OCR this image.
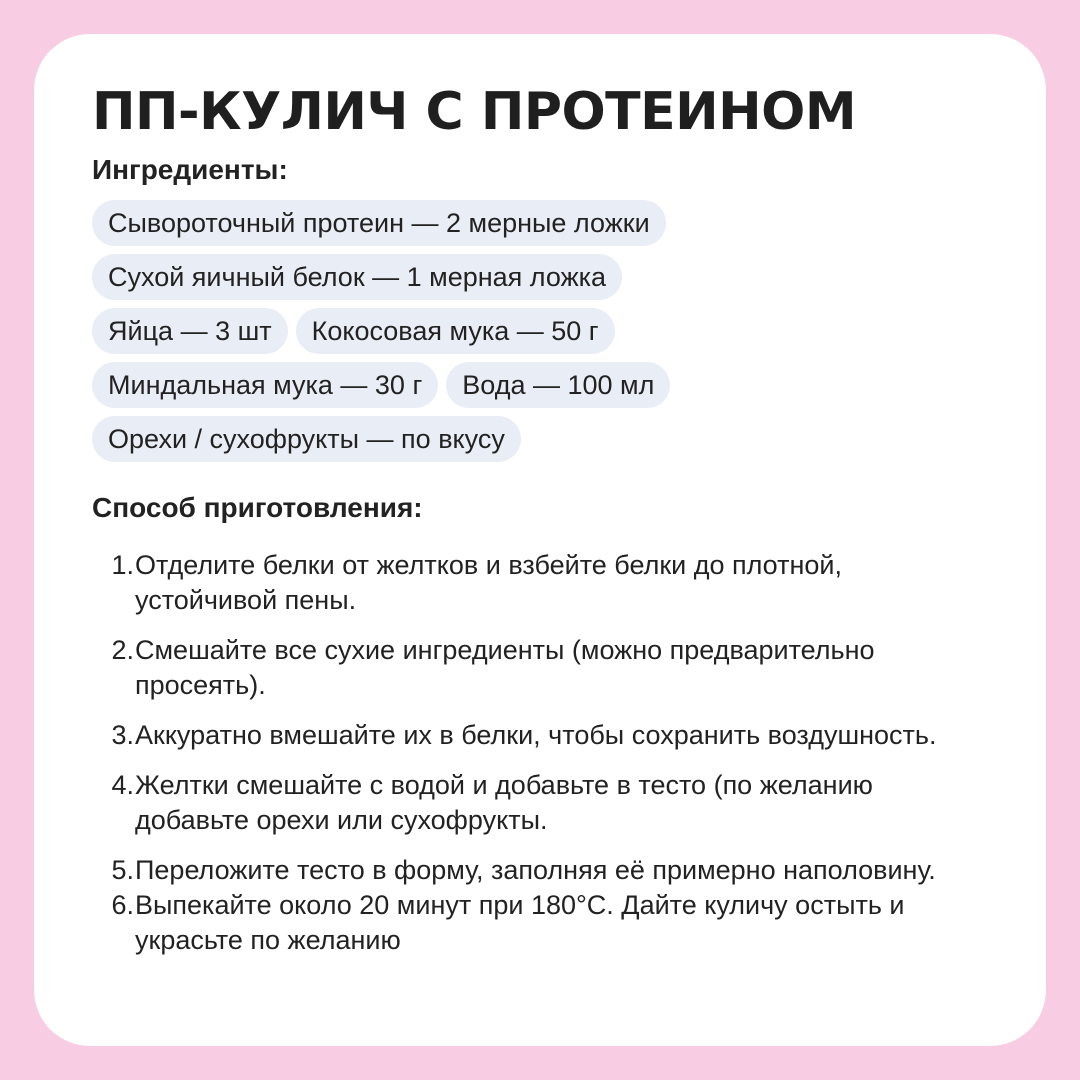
ПП-КУЛИЧ С ПРОТЕИНОМ
Ингредиенты:
Сывороточный протеин — 2 мерные ложки
Сухой яичный белок — 1 мерная ложка
Яйца — 3 шт	Кокосовая мука — 50 г
Миндальная мука — 30 г	Вода — 100 мл
Орехи / сухофрукты — по вкусу
Способ приготовления:
1. Отделите белки от желтков и взбейте белки до плотной, устойчивой пены.
2. Смешайте все сухие ингредиенты (можно предварительно просеять).
3. Аккуратно вмешайте их в белки, чтобы сохранить воздушность.
4. Желтки смешайте с водой и добавьте в тесто (по желанию добавьте орехи или сухофрукты.
5. Переложите тесто в форму, заполняя её примерно наполовину.
6. Выпекайте около 20 минут при 180°С. Дайте куличу остыть и украсьте по желанию
